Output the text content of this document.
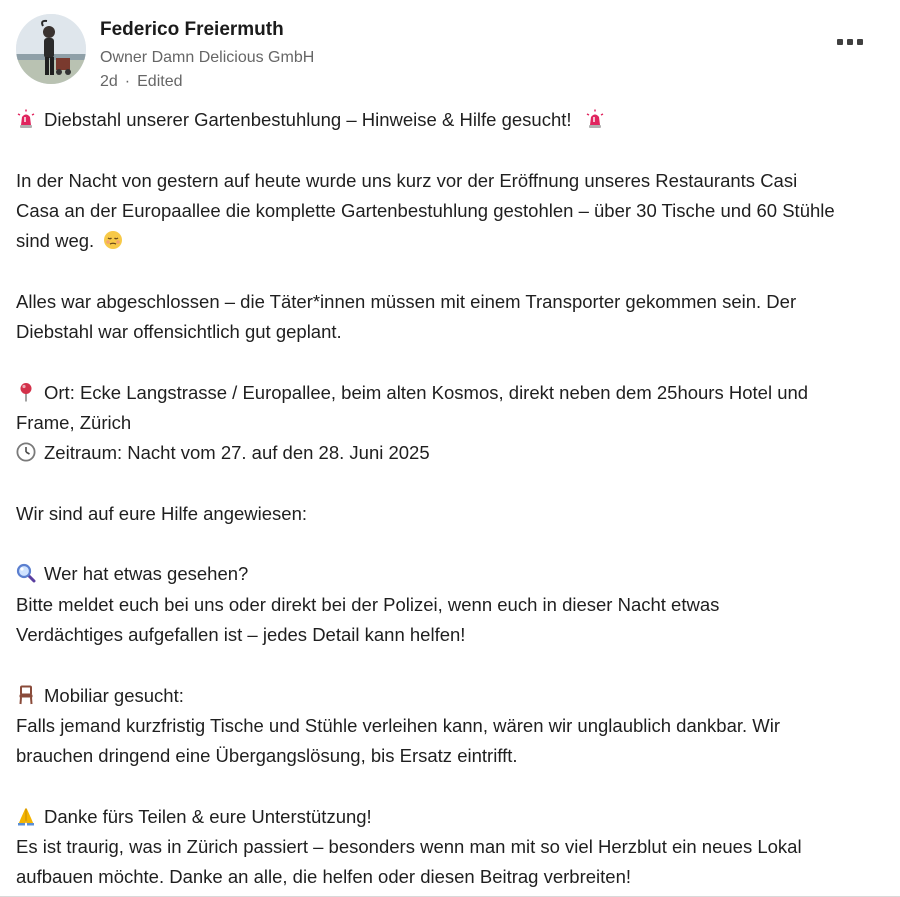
Federico Freiermuth
Owner Damn Delicious GmbH
2d · Edited
Diebstahl unserer Gartenbestuhlung – Hinweise & Hilfe gesucht!
In der Nacht von gestern auf heute wurde uns kurz vor der Eröffnung unseres Restaurants Casi
Casa an der Europaallee die komplette Gartenbestuhlung gestohlen – über 30 Tische und 60 Stühle
sind weg.
Alles war abgeschlossen – die Täter*innen müssen mit einem Transporter gekommen sein. Der
Diebstahl war offensichtlich gut geplant.
Ort: Ecke Langstrasse / Europallee, beim alten Kosmos, direkt neben dem 25hours Hotel und
Frame, Zürich
Zeitraum: Nacht vom 27. auf den 28. Juni 2025
Wir sind auf eure Hilfe angewiesen:
Wer hat etwas gesehen?
Bitte meldet euch bei uns oder direkt bei der Polizei, wenn euch in dieser Nacht etwas
Verdächtiges aufgefallen ist – jedes Detail kann helfen!
Mobiliar gesucht:
Falls jemand kurzfristig Tische und Stühle verleihen kann, wären wir unglaublich dankbar. Wir
brauchen dringend eine Übergangslösung, bis Ersatz eintrifft.
Danke fürs Teilen & eure Unterstützung!
Es ist traurig, was in Zürich passiert – besonders wenn man mit so viel Herzblut ein neues Lokal
aufbauen möchte. Danke an alle, die helfen oder diesen Beitrag verbreiten!
